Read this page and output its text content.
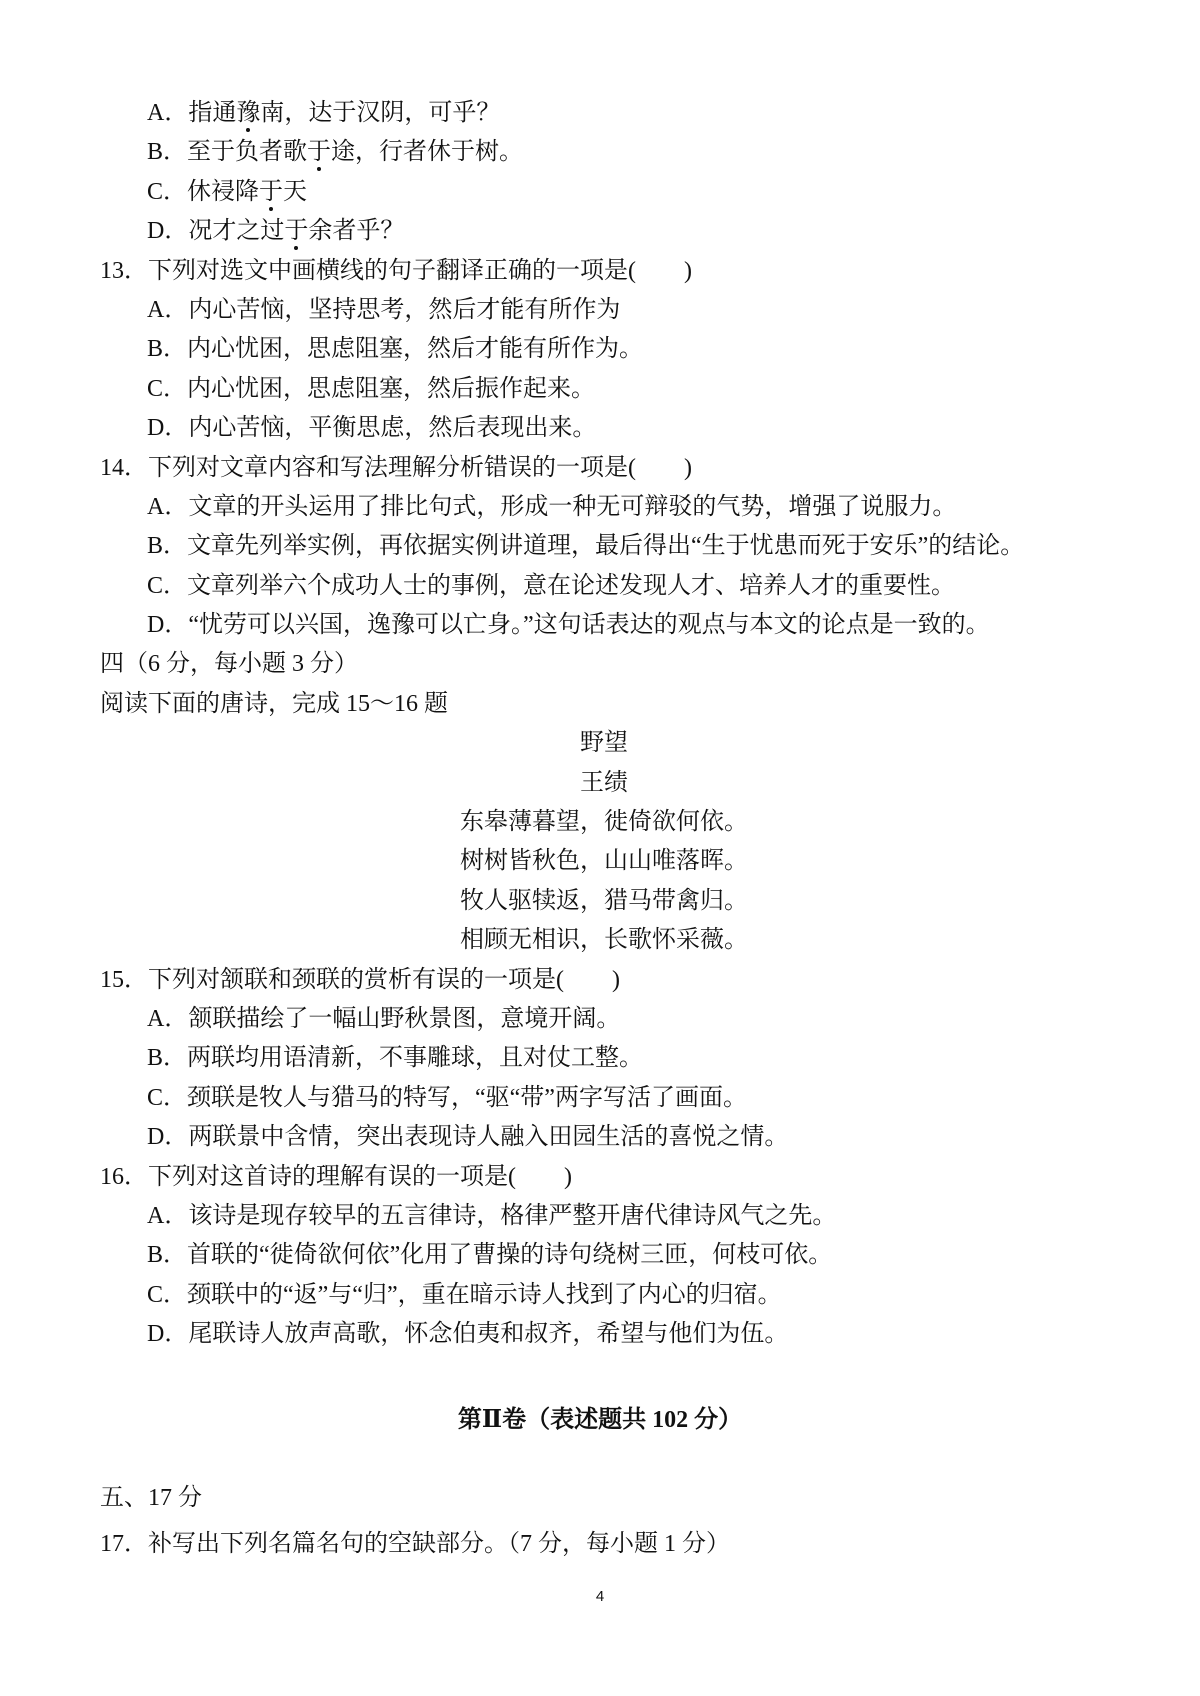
A．指通豫南，达于汉阴，可乎？
B．至于负者歌于途，行者休于树。
C．休祲降于天
D．况才之过于余者乎？
13．下列对选文中画横线的句子翻译正确的一项是(　　)
A．内心苦恼，坚持思考，然后才能有所作为
B．内心忧困，思虑阻塞，然后才能有所作为。
C．内心忧困，思虑阻塞，然后振作起来。
D．内心苦恼，平衡思虑，然后表现出来。
14．下列对文章内容和写法理解分析错误的一项是(　　)
A．文章的开头运用了排比句式，形成一种无可辩驳的气势，增强了说服力。
B．文章先列举实例，再依据实例讲道理，最后得出“生于忧患而死于安乐”的结论。
C．文章列举六个成功人士的事例，意在论述发现人才、培养人才的重要性。
D．“忧劳可以兴国，逸豫可以亡身。”这句话表达的观点与本文的论点是一致的。
四（6 分，每小题 3 分）
阅读下面的唐诗，完成 15～16 题
野望
王绩
东皋薄暮望，徙倚欲何依。
树树皆秋色，山山唯落晖。
牧人驱犊返，猎马带禽归。
相顾无相识，长歌怀采薇。
15．下列对颔联和颈联的赏析有误的一项是(　　)
A．颔联描绘了一幅山野秋景图，意境开阔。
B．两联均用语清新，不事雕球，且对仗工整。
C．颈联是牧人与猎马的特写，“驱“带”两字写活了画面。
D．两联景中含情，突出表现诗人融入田园生活的喜悦之情。
16．下列对这首诗的理解有误的一项是(　　)
A．该诗是现存较早的五言律诗，格律严整开唐代律诗风气之先。
B．首联的“徙倚欲何依”化用了曹操的诗句绕树三匝，何枝可依。
C．颈联中的“返”与“归”，重在暗示诗人找到了内心的归宿。
D．尾联诗人放声高歌，怀念伯夷和叔齐，希望与他们为伍。
第Ⅱ卷（表述题共 102 分）
五、17 分
17．补写出下列名篇名句的空缺部分。（7 分，每小题 1 分）
4
